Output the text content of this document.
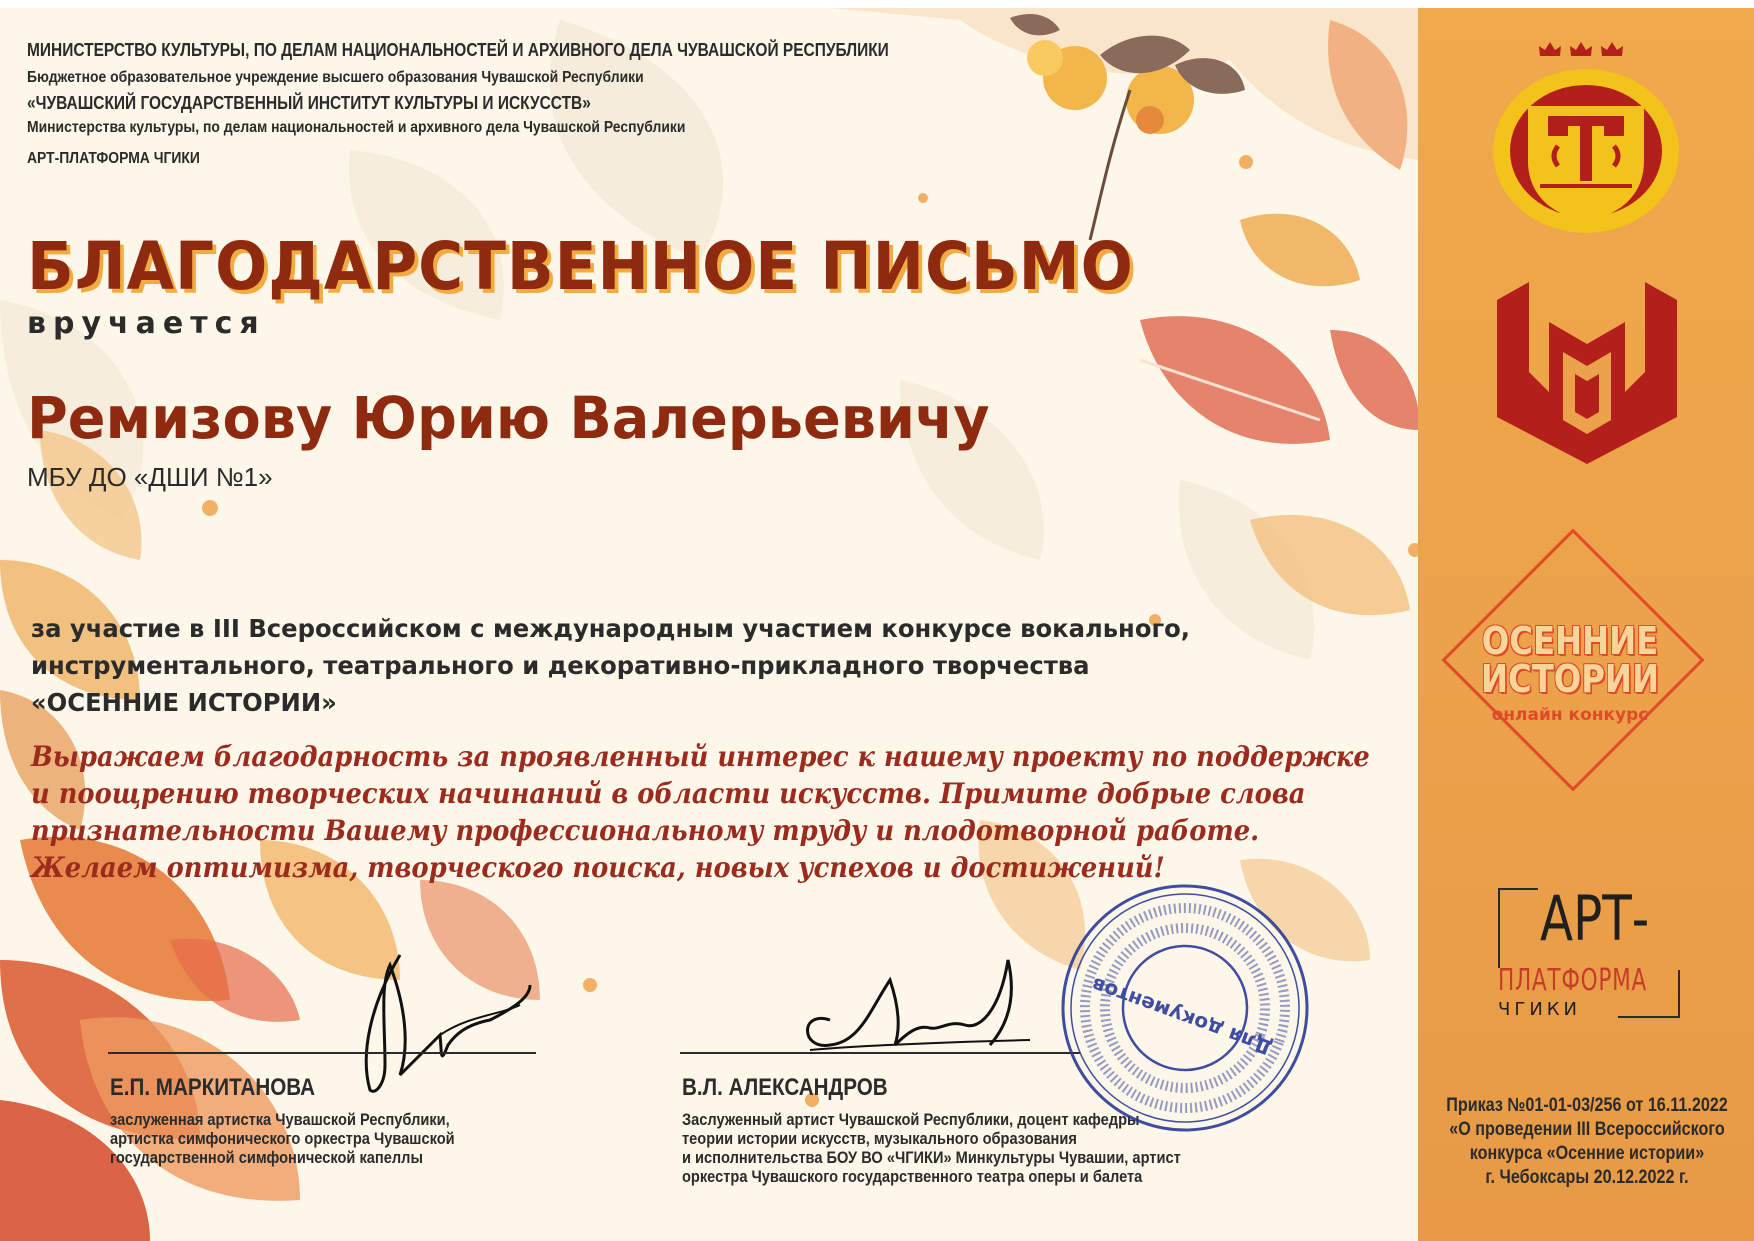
МИНИСТЕРСТВО КУЛЬТУРЫ, ПО ДЕЛАМ НАЦИОНАЛЬНОСТЕЙ И АРХИВНОГО ДЕЛА ЧУВАШСКОЙ РЕСПУБЛИКИ
Бюджетное образовательное учреждение высшего образования Чувашской Республики
«ЧУВАШСКИЙ ГОСУДАРСТВЕННЫЙ ИНСТИТУТ КУЛЬТУРЫ И ИСКУССТВ»
Министерства культуры, по делам национальностей и архивного дела Чувашской Республики
АРТ-ПЛАТФОРМА ЧГИКИ
БЛАГОДАРСТВЕННОЕ ПИСЬМО
вручается
Ремизову Юрию Валерьевичу
МБУ ДО «ДШИ №1»
за участие в III Всероссийском с международным участием конкурсе вокального,
инструментального, театрального и декоративно-прикладного творчества
«ОСЕННИЕ ИСТОРИИ»
Выражаем благодарность за проявленный интерес к нашему проекту по поддержке
и поощрению творческих начинаний в области искусств. Примите добрые слова
признательности Вашему профессиональному труду и плодотворной работе.
Желаем оптимизма, творческого поиска, новых успехов и достижений!
Е.П. МАРКИТАНОВА
заслуженная артистка Чувашской Республики,
артистка симфонического оркестра Чувашской
государственной симфонической капеллы
В.Л. АЛЕКСАНДРОВ
Заслуженный артист Чувашской Республики, доцент кафедры
теории истории искусств, музыкального образования
и исполнительства БОУ ВО «ЧГИКИ» Минкультуры Чувашии, артист
оркестра Чувашского государственного театра оперы и балета
Для документов
ОСЕННИЕ
ИСТОРИИ
онлайн конкурс
АРТ-
ПЛАТФОРМА
ЧГИКИ
Приказ №01-01-03/256 от 16.11.2022
«О проведении III Всероссийского
конкурса «Осенние истории»
г. Чебоксары 20.12.2022 г.
